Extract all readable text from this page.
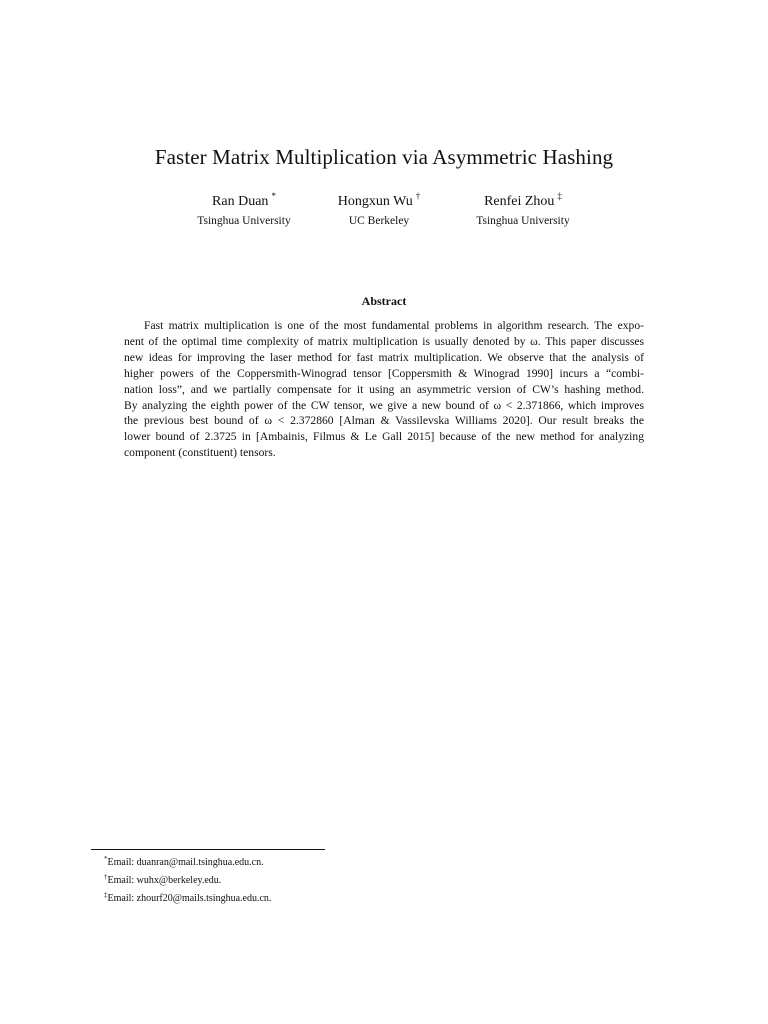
Faster Matrix Multiplication via Asymmetric Hashing
Ran Duan *
Tsinghua University
Hongxun Wu †
UC Berkeley
Renfei Zhou ‡
Tsinghua University
Abstract
Fast matrix multiplication is one of the most fundamental problems in algorithm research. The expo-
nent of the optimal time complexity of matrix multiplication is usually denoted by ω. This paper discusses
new ideas for improving the laser method for fast matrix multiplication. We observe that the analysis of
higher powers of the Coppersmith-Winograd tensor [Coppersmith & Winograd 1990] incurs a “combi-
nation loss”, and we partially compensate for it using an asymmetric version of CW’s hashing method.
By analyzing the eighth power of the CW tensor, we give a new bound of ω < 2.371866, which improves
the previous best bound of ω < 2.372860 [Alman & Vassilevska Williams 2020]. Our result breaks the
lower bound of 2.3725 in [Ambainis, Filmus & Le Gall 2015] because of the new method for analyzing
component (constituent) tensors.
*Email: duanran@mail.tsinghua.edu.cn.
†Email: wuhx@berkeley.edu.
‡Email: zhourf20@mails.tsinghua.edu.cn.
